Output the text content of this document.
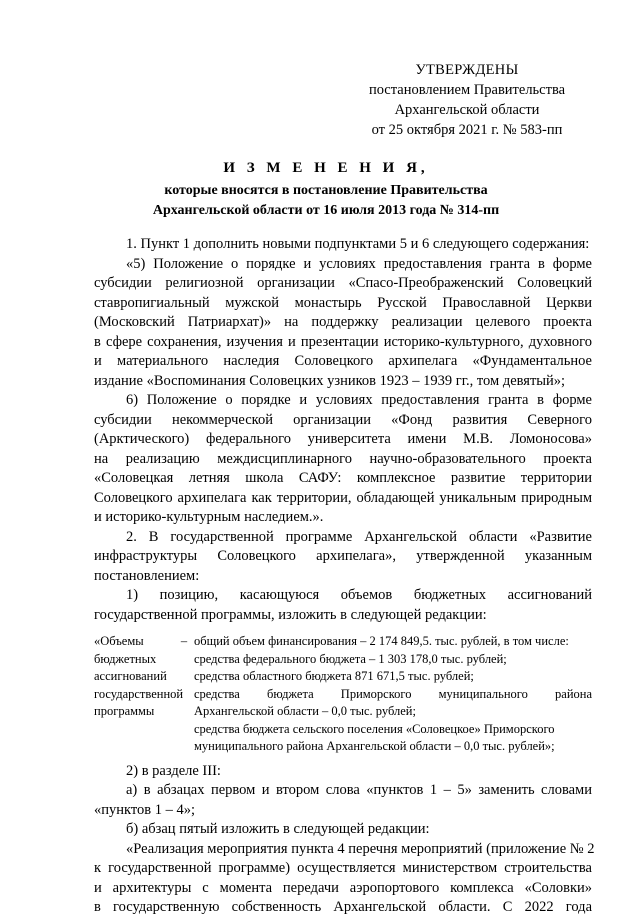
УТВЕРЖДЕНЫ
постановлением Правительства
Архангельской области
от 25 октября 2021 г. № 583-пп
И З М Е Н Е Н И Я,
которые вносятся в постановление Правительства
Архангельской области от 16 июля 2013 года № 314-пп
1. Пункт 1 дополнить новыми подпунктами 5 и 6 следующего содержания:
«5) Положение о порядке и условиях предоставления гранта в форме
субсидии религиозной организации «Спасо-Преображенский Соловецкий
ставропигиальный мужской монастырь Русской Православной Церкви
(Московский Патриархат)» на поддержку реализации целевого проекта
в сфере сохранения, изучения и презентации историко-культурного, духовного
и материального наследия Соловецкого архипелага «Фундаментальное
издание «Воспоминания Соловецких узников 1923 – 1939 гг., том девятый»;
6) Положение о порядке и условиях предоставления гранта в форме
субсидии некоммерческой организации «Фонд развития Северного
(Арктического) федерального университета имени М.В. Ломоносова»
на реализацию междисциплинарного научно-образовательного проекта
«Соловецкая летняя школа САФУ: комплексное развитие территории
Соловецкого архипелага как территории, обладающей уникальным природным
и историко-культурным наследием.».
2. В государственной программе Архангельской области «Развитие
инфраструктуры Соловецкого архипелага», утвержденной указанным
постановлением:
1) позицию, касающуюся объемов бюджетных ассигнований
государственной программы, изложить в следующей редакции:
«Объемы
бюджетных
ассигнований
государственной
программы
– общий объем финансирования – 2 174 849,5. тыс. рублей, в том числе:
средства федерального бюджета – 1 303 178,0 тыс. рублей;
средства областного бюджета 871 671,5 тыс. рублей;
средства бюджета Приморского муниципального района
Архангельской области – 0,0 тыс. рублей;
средства бюджета сельского поселения «Соловецкое» Приморского
муниципального района Архангельской области – 0,0 тыс. рублей»;
2) в разделе III:
а) в абзацах первом и втором слова «пунктов 1 – 5» заменить словами
«пунктов 1 – 4»;
б) абзац пятый изложить в следующей редакции:
«Реализация мероприятия пункта 4 перечня мероприятий (приложение № 2
к государственной программе) осуществляется министерством строительства
и архитектуры с момента передачи аэропортового комплекса «Соловки»
в государственную собственность Архангельской области. С 2022 года
